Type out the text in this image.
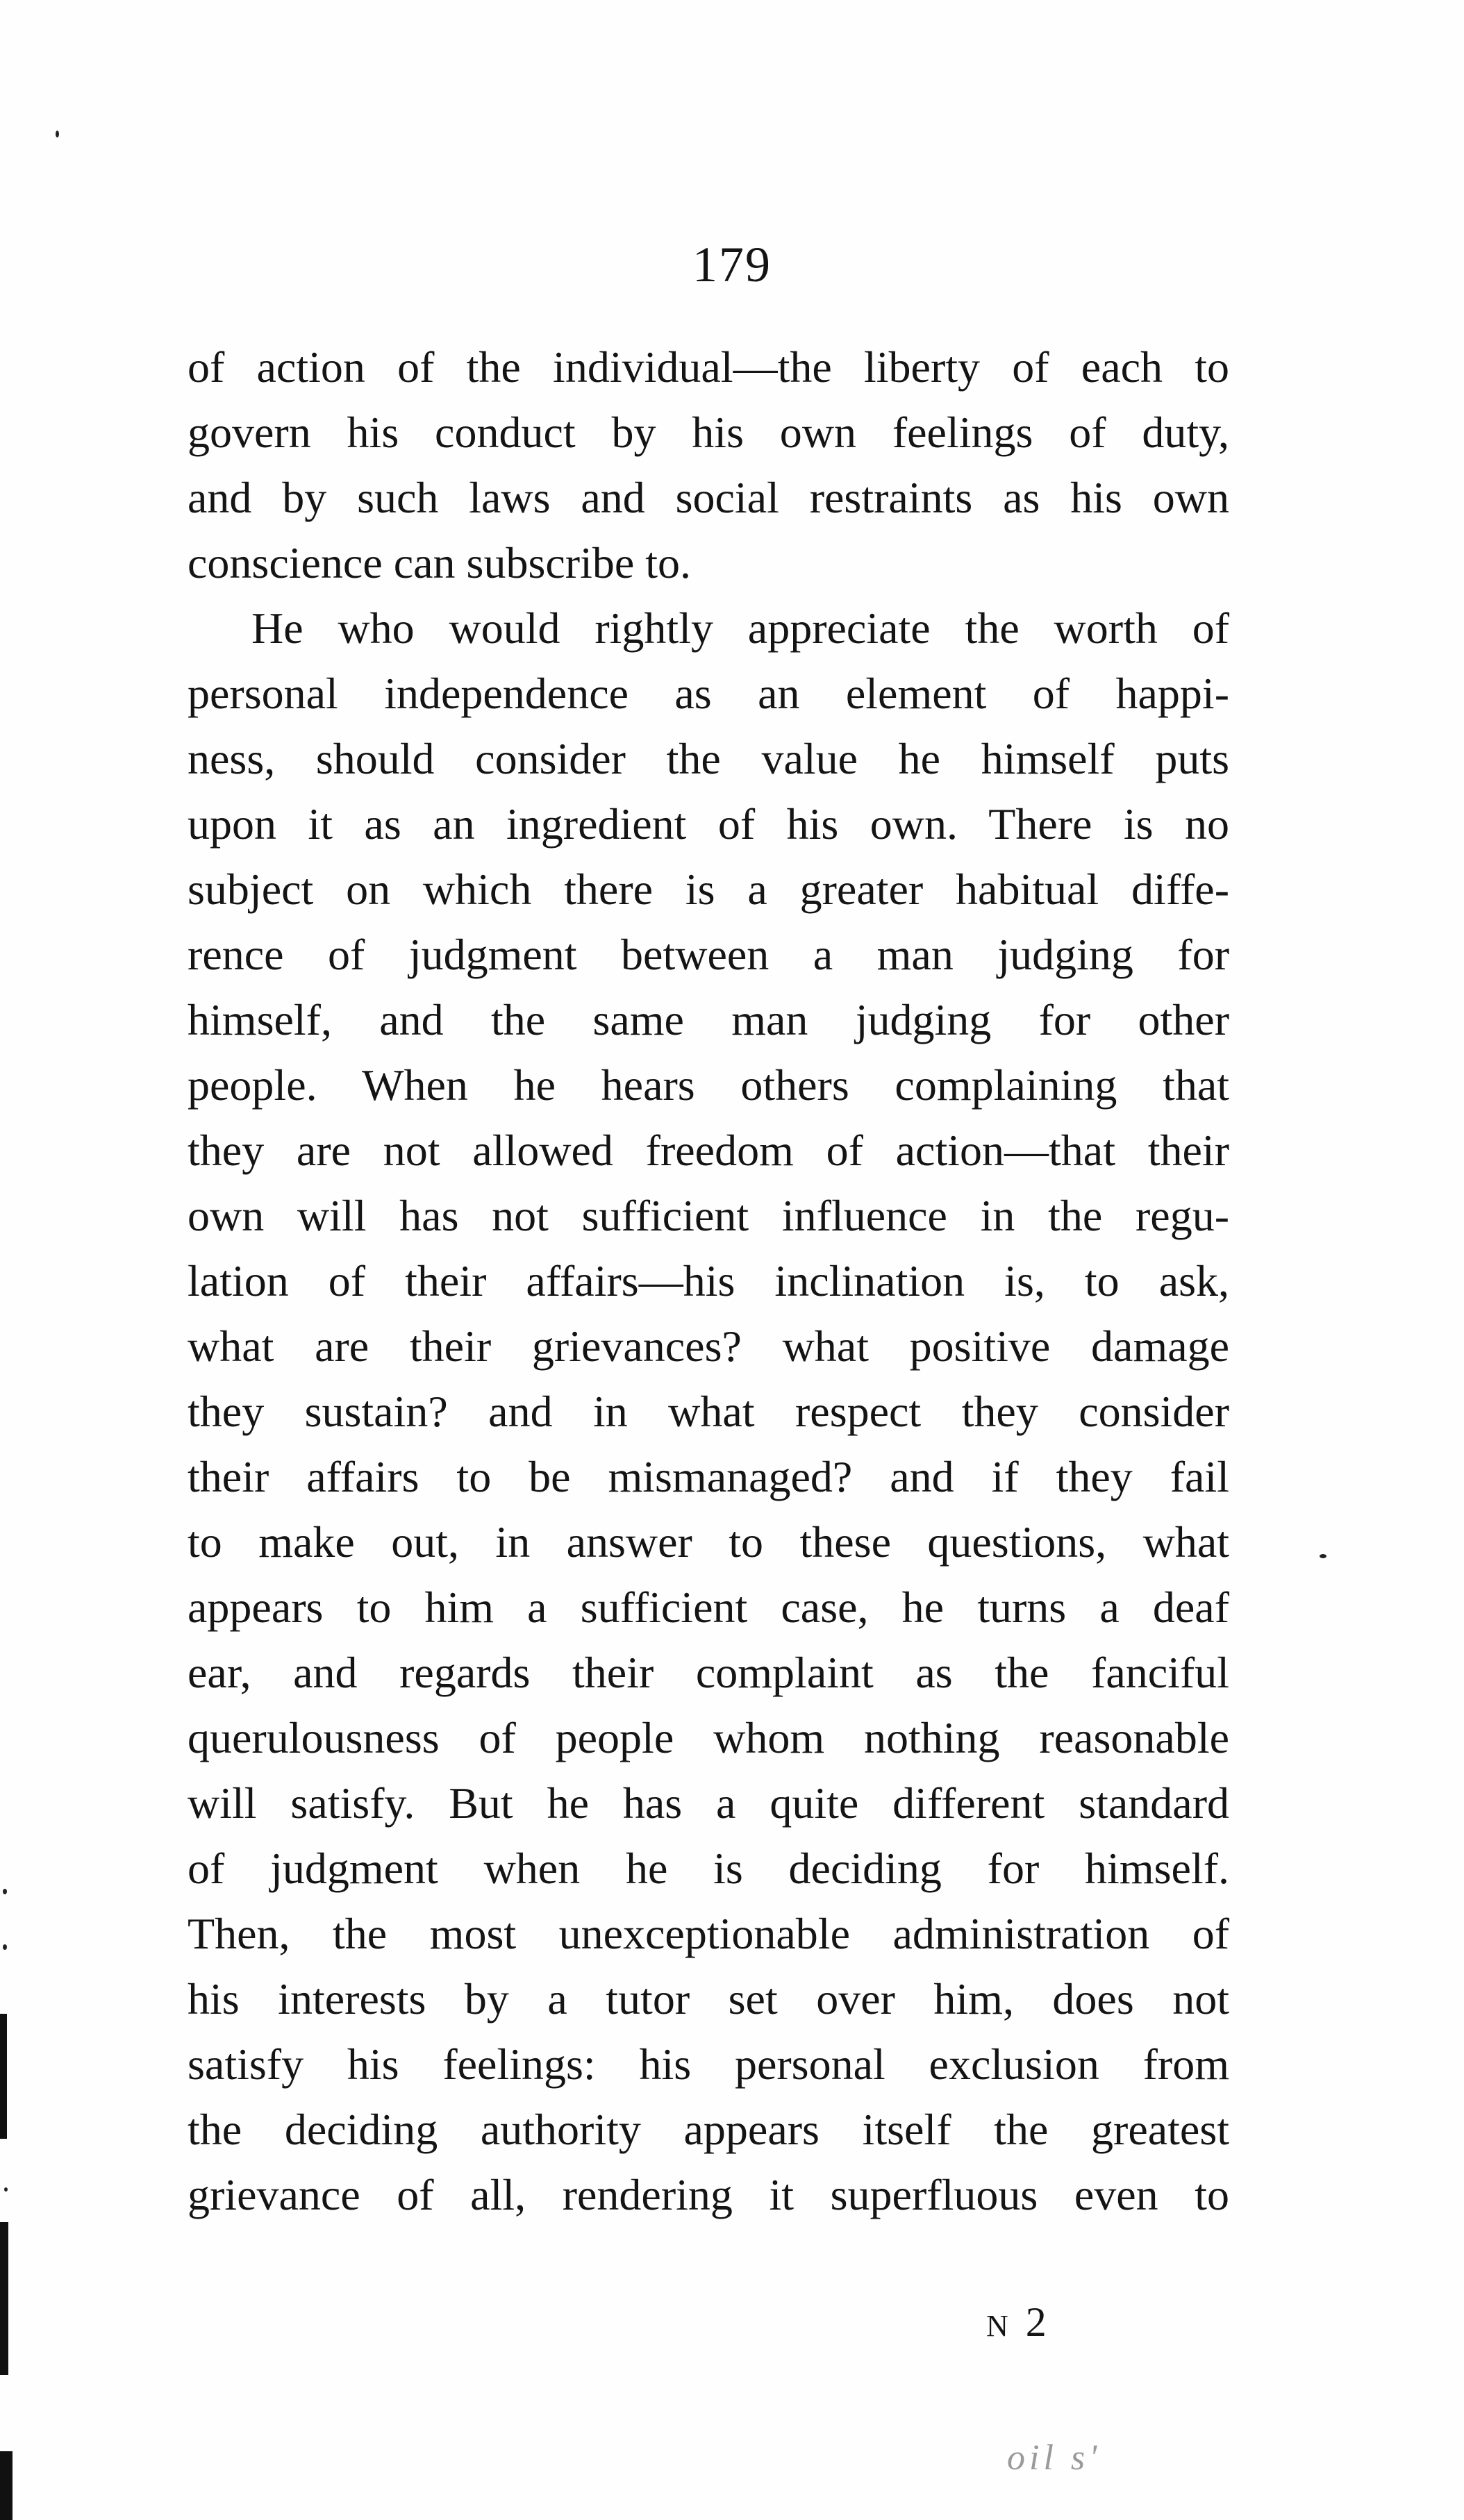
179
of action of the individual—the liberty of each to
govern his conduct by his own feelings of duty,
and by such laws and social restraints as his own
conscience can subscribe to.
He who would rightly appreciate the worth of
personal independence as an element of happi-
ness, should consider the value he himself puts
upon it as an ingredient of his own. There is no
subject on which there is a greater habitual diffe-
rence of judgment between a man judging for
himself, and the same man judging for other
people. When he hears others complaining that
they are not allowed freedom of action—that their
own will has not sufficient influence in the regu-
lation of their affairs—his inclination is, to ask,
what are their grievances? what positive damage
they sustain? and in what respect they consider
their affairs to be mismanaged? and if they fail
to make out, in answer to these questions, what
appears to him a sufficient case, he turns a deaf
ear, and regards their complaint as the fanciful
querulousness of people whom nothing reasonable
will satisfy. But he has a quite different standard
of judgment when he is deciding for himself.
Then, the most unexceptionable administration of
his interests by a tutor set over him, does not
satisfy his feelings: his personal exclusion from
the deciding authority appears itself the greatest
grievance of all, rendering it superfluous even to
N 2
oil s'
